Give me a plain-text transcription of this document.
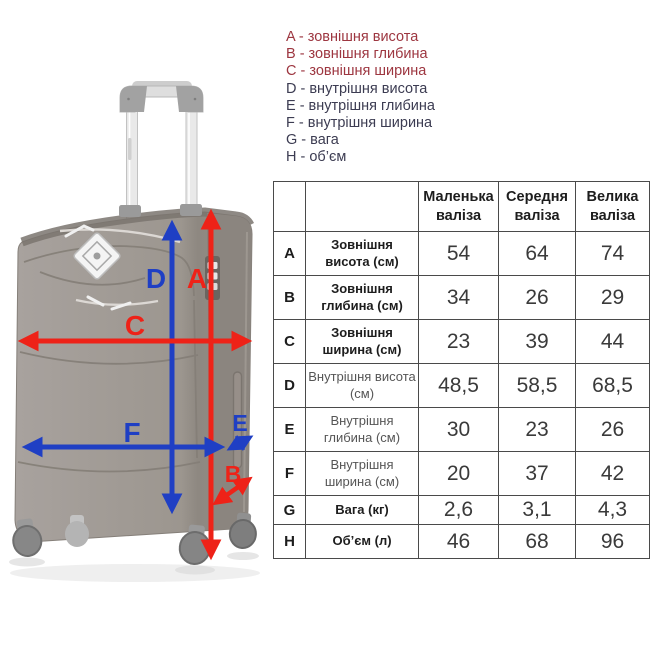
D A
C
F	E
B
A - зовнішня висота
B - зовнішня глибина
C - зовнішня ширина
D - внутрішня висота
E - внутрішня глибина
F - внутрішня ширина
G - вага
H - об’єм
		Маленька валіза	Середня валіза	Велика валіза
A	Зовнішня висота (см)	54	64	74
B	Зовнішня глибина (см)	34	26	29
C	Зовнішня ширина (см)	23	39	44
D	Внутрішня висота (см)	48,5	58,5	68,5
E	Внутрішня глибина (см)	30	23	26
F	Внутрішня ширина (см)	20	37	42
G	Вага (кг)	2,6	3,1	4,3
H	Об’єм (л)	46	68	96
